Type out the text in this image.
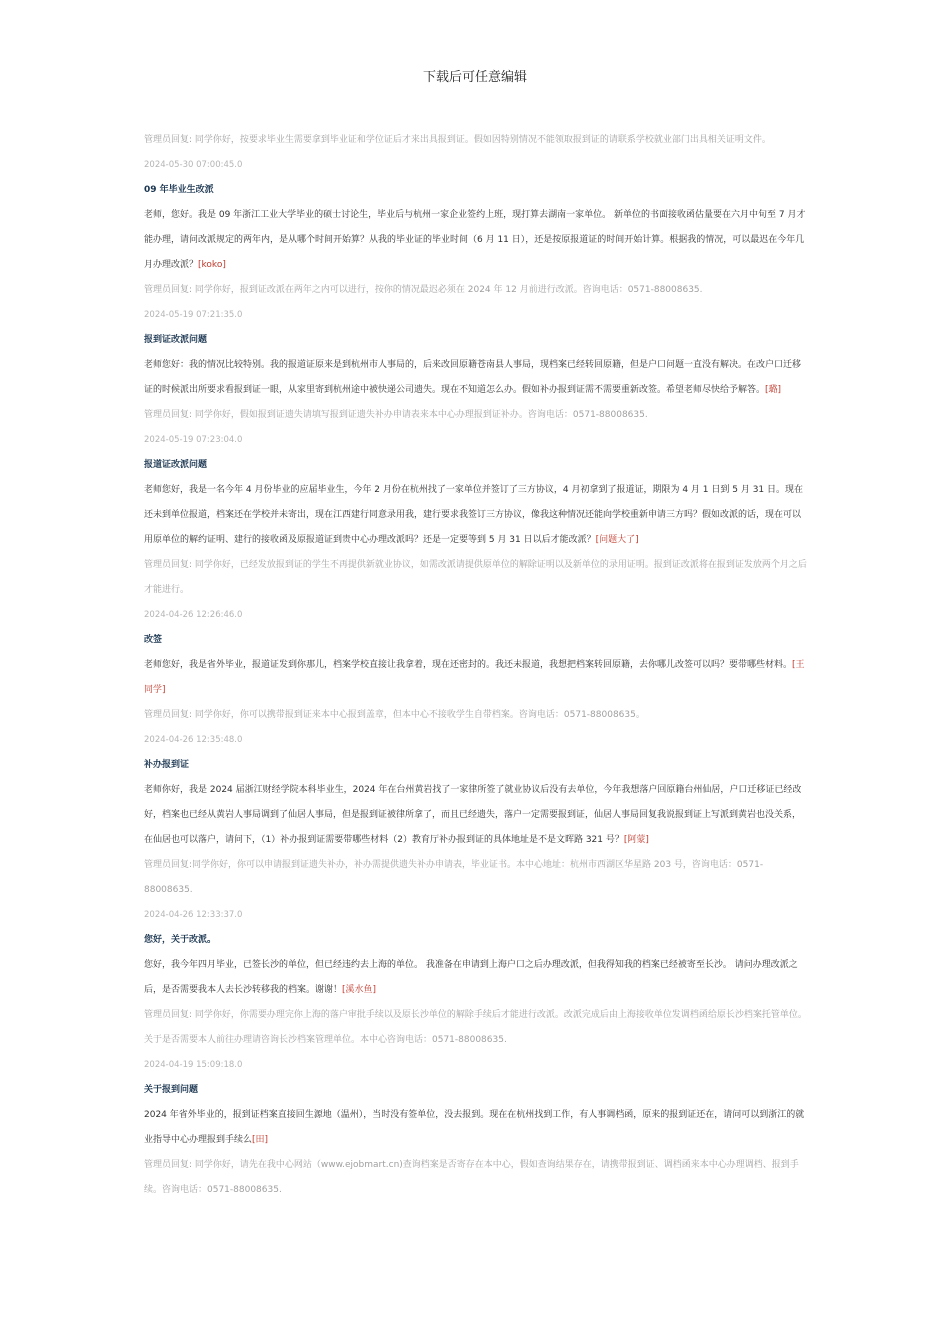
下载后可任意编辑

管理员回复: 同学你好，按要求毕业生需要拿到毕业证和学位证后才来出具报到证。假如因特别情况不能领取报到证的请联系学校就业部门出具相关证明文件。

2024-05-30 07:00:45.0

09 年毕业生改派

老师，您好。我是 09 年浙江工业大学毕业的硕士讨论生，毕业后与杭州一家企业签约上班，现打算去湖南一家单位。 新单位的书面接收函估量要在六月中旬至 7 月才能办理，请问改派规定的两年内，是从哪个时间开始算？从我的毕业证的毕业时间（6 月 11 日），还是按原报道证的时间开始计算。根据我的情况，可以最迟在今年几月办理改派？[koko]

管理员回复: 同学你好，报到证改派在两年之内可以进行，按你的情况最迟必须在 2024 年 12 月前进行改派。咨询电话：0571-88008635.

2024-05-19 07:21:35.0

报到证改派问题

老师您好：我的情况比较特别。我的报道证原来是到杭州市人事局的，后来改回原籍苍南县人事局，现档案已经转回原籍，但是户口问题一直没有解决。在改户口迁移证的时候派出所要求看报到证一眼，从家里寄到杭州途中被快递公司遗失。现在不知道怎么办。假如补办报到证需不需要重新改签。希望老师尽快给予解答。[璐]

管理员回复: 同学你好，假如报到证遗失请填写报到证遗失补办申请表来本中心办理报到证补办。咨询电话：0571-88008635.

2024-05-19 07:23:04.0

报道证改派问题

老师您好，我是一名今年 4 月份毕业的应届毕业生，今年 2 月份在杭州找了一家单位并签订了三方协议，4 月初拿到了报道证，期限为 4 月 1 日到 5 月 31 日。现在还未到单位报道，档案还在学校并未寄出，现在江西建行同意录用我，建行要求我签订三方协议，像我这种情况还能向学校重新申请三方吗？假如改派的话，现在可以用原单位的解约证明、建行的接收函及原报道证到贵中心办理改派吗？还是一定要等到 5 月 31 日以后才能改派？[问题大了]

管理员回复: 同学你好，已经发放报到证的学生不再提供新就业协议，如需改派请提供原单位的解除证明以及新单位的录用证明。报到证改派将在报到证发放两个月之后才能进行。

2024-04-26 12:26:46.0

改签

老师您好，我是省外毕业，报道证发到你那儿，档案学校直接让我拿着，现在还密封的。我还未报道，我想把档案转回原籍，去你哪儿改签可以吗？要带哪些材料。[王同学]

管理员回复: 同学你好，你可以携带报到证来本中心报到盖章，但本中心不接收学生自带档案。咨询电话：0571-88008635。

2024-04-26 12:35:48.0

补办报到证

老师你好，我是 2024 届浙江财经学院本科毕业生，2024 年在台州黄岩找了一家律所签了就业协议后没有去单位，今年我想落户回原籍台州仙居，户口迁移证已经改好，档案也已经从黄岩人事局调到了仙居人事局，但是报到证被律所拿了，而且已经遗失，落户一定需要报到证，仙居人事局回复我说报到证上写派到黄岩也没关系，在仙居也可以落户，请问下，（1）补办报到证需要带哪些材料（2）教育厅补办报到证的具体地址是不是文晖路 321 号？[阿蒙]

管理员回复:同学你好，你可以申请报到证遗失补办，补办需提供遗失补办申请表，毕业证书。本中心地址：杭州市西湖区华星路 203 号，咨询电话：0571-88008635.

2024-04-26 12:33:37.0

您好，关于改派。

您好，我今年四月毕业，已签长沙的单位，但已经违约去上海的单位。 我准备在申请到上海户口之后办理改派，但我得知我的档案已经被寄至长沙。 请问办理改派之后，是否需要我本人去长沙转移我的档案。谢谢！[溪水鱼]

管理员回复: 同学你好，你需要办理完你上海的落户审批手续以及原长沙单位的解除手续后才能进行改派。改派完成后由上海接收单位发调档函给原长沙档案托管单位。关于是否需要本人前往办理请咨询长沙档案管理单位。本中心咨询电话：0571-88008635.

2024-04-19 15:09:18.0

关于报到问题

2024 年省外毕业的，报到证档案直接回生源地（温州），当时没有签单位，没去报到。现在在杭州找到工作，有人事调档函，原来的报到证还在，请问可以到浙江的就业指导中心办理报到手续么[田]

管理员回复: 同学你好，请先在我中心网站（www.ejobmart.cn)查询档案是否寄存在本中心，假如查询结果存在，请携带报到证、调档函来本中心办理调档、报到手续。咨询电话：0571-88008635.
